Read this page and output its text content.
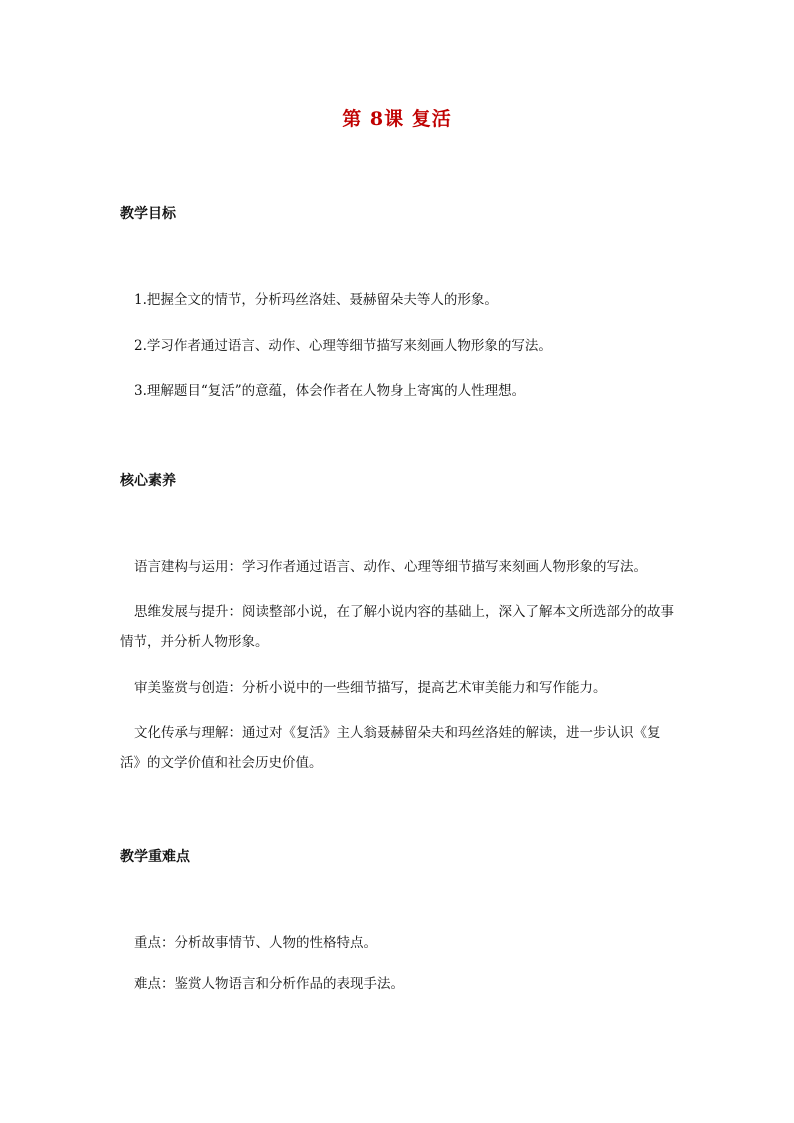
第 8课 复活
教学目标

1.把握全文的情节，分析玛丝洛娃、聂赫留朵夫等人的形象。

2.学习作者通过语言、动作、心理等细节描写来刻画人物形象的写法。

3.理解题目“复活”的意蕴，体会作者在人物身上寄寓的人性理想。

核心素养

语言建构与运用：学习作者通过语言、动作、心理等细节描写来刻画人物形象的写法。

思维发展与提升：阅读整部小说，在了解小说内容的基础上，深入了解本文所选部分的故事情节，并分析人物形象。

审美鉴赏与创造：分析小说中的一些细节描写，提高艺术审美能力和写作能力。

文化传承与理解：通过对《复活》主人翁聂赫留朵夫和玛丝洛娃的解读，进一步认识《复活》的文学价值和社会历史价值。

教学重难点

重点：分析故事情节、人物的性格特点。

难点：鉴赏人物语言和分析作品的表现手法。
